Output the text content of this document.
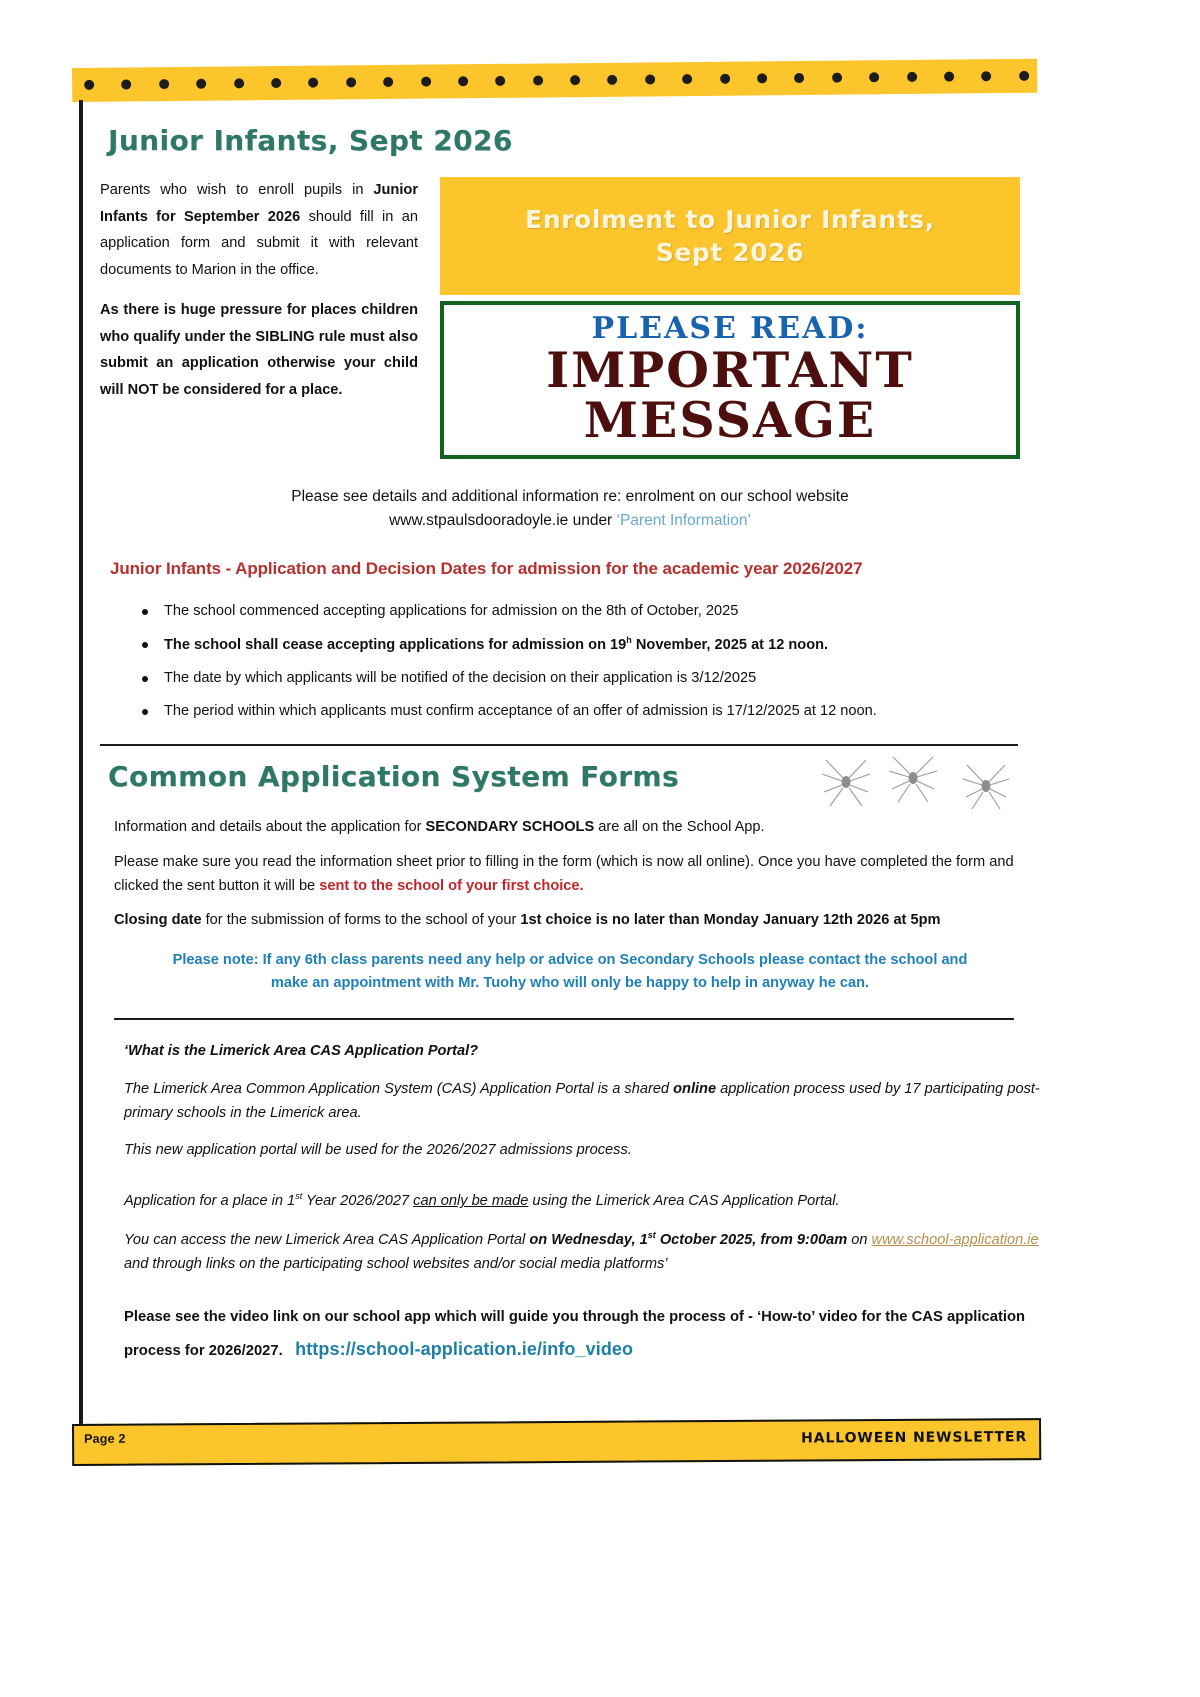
Junior Infants, Sept 2026

Parents who wish to enroll pupils in Junior Infants for September 2026 should fill in an application form and submit it with relevant documents to Marion in the office.

As there is huge pressure for places children who qualify under the SIBLING rule must also submit an application otherwise your child will NOT be considered for a place.

Enrolment to Junior Infants,
Sept 2026
PLEASE READ:
IMPORTANT
MESSAGE
Please see details and additional information re: enrolment on our school website
www.stpaulsdooradoyle.ie under ‘Parent Information’
Junior Infants - Application and Decision Dates for admission for the academic year 2026/2027
The school commenced accepting applications for admission on the 8th of October, 2025
The school shall cease accepting applications for admission on 19$^h$ November, 2025 at 12 noon.
The date by which applicants will be notified of the decision on their application is 3/12/2025
The period within which applicants must confirm acceptance of an offer of admission is 17/12/2025 at 12 noon.
Common Application System Forms

Information and details about the application for SECONDARY SCHOOLS are all on the School App.

Please make sure you read the information sheet prior to filling in the form (which is now all online). Once you have completed the form and clicked the sent button it will be sent to the school of your first choice.

Closing date for the submission of forms to the school of your 1st choice is no later than Monday January 12th 2026 at 5pm

Please note: If any 6th class parents need any help or advice on Secondary Schools please contact the school and
make an appointment with Mr. Tuohy who will only be happy to help in anyway he can.

‘What is the Limerick Area CAS Application Portal?

The Limerick Area Common Application System (CAS) Application Portal is a shared online application process used by 17 participating post-primary schools in the Limerick area.

This new application portal will be used for the 2026/2027 admissions process.

Application for a place in 1st Year 2026/2027 can only be made using the Limerick Area CAS Application Portal.

You can access the new Limerick Area CAS Application Portal on Wednesday, 1st October 2025, from 9:00am on www.school-application.ie and through links on the participating school websites and/or social media platforms’

Please see the video link on our school app which will guide you through the process of - ‘How-to’ video for the CAS application process for 2026/2027. https://school-application.ie/info_video

Page 2	HALLOWEEN NEWSLETTER
